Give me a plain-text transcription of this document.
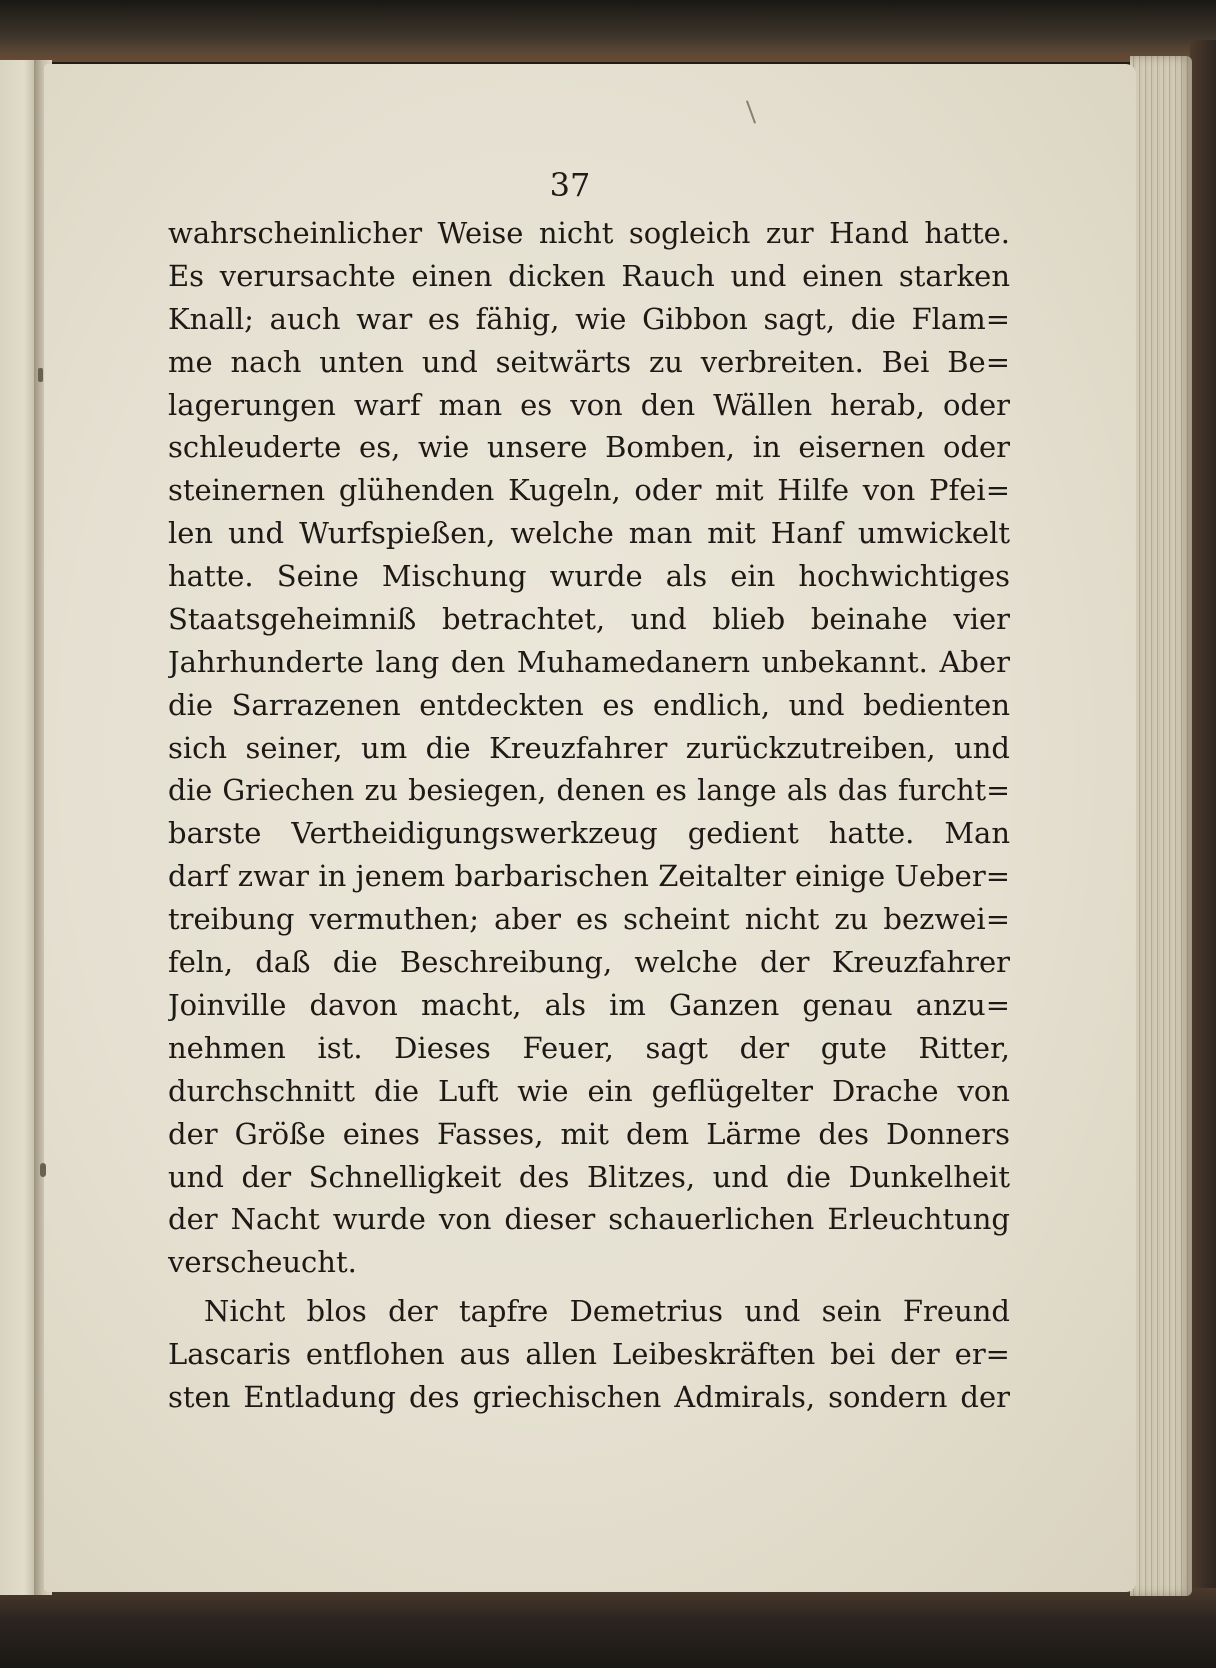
37

wahrscheinlicher Weise nicht sogleich zur Hand hatte.
Es verursachte einen dicken Rauch und einen starken
Knall; auch war es fähig, wie Gibbon sagt, die Flam=
me nach unten und seitwärts zu verbreiten. Bei Be=
lagerungen warf man es von den Wällen herab, oder
schleuderte es, wie unsere Bomben, in eisernen oder
steinernen glühenden Kugeln, oder mit Hilfe von Pfei=
len und Wurfspießen, welche man mit Hanf umwickelt
hatte. Seine Mischung wurde als ein hochwichtiges
Staatsgeheimniß betrachtet, und blieb beinahe vier
Jahrhunderte lang den Muhamedanern unbekannt. Aber
die Sarrazenen entdeckten es endlich, und bedienten
sich seiner, um die Kreuzfahrer zurückzutreiben, und
die Griechen zu besiegen, denen es lange als das furcht=
barste Vertheidigungswerkzeug gedient hatte. Man
darf zwar in jenem barbarischen Zeitalter einige Ueber=
treibung vermuthen; aber es scheint nicht zu bezwei=
feln, daß die Beschreibung, welche der Kreuzfahrer
Joinville davon macht, als im Ganzen genau anzu=
nehmen ist. Dieses Feuer, sagt der gute Ritter,
durchschnitt die Luft wie ein geflügelter Drache von
der Größe eines Fasses, mit dem Lärme des Donners
und der Schnelligkeit des Blitzes, und die Dunkelheit
der Nacht wurde von dieser schauerlichen Erleuchtung
verscheucht.
Nicht blos der tapfre Demetrius und sein Freund
Lascaris entflohen aus allen Leibeskräften bei der er=
sten Entladung des griechischen Admirals, sondern der
